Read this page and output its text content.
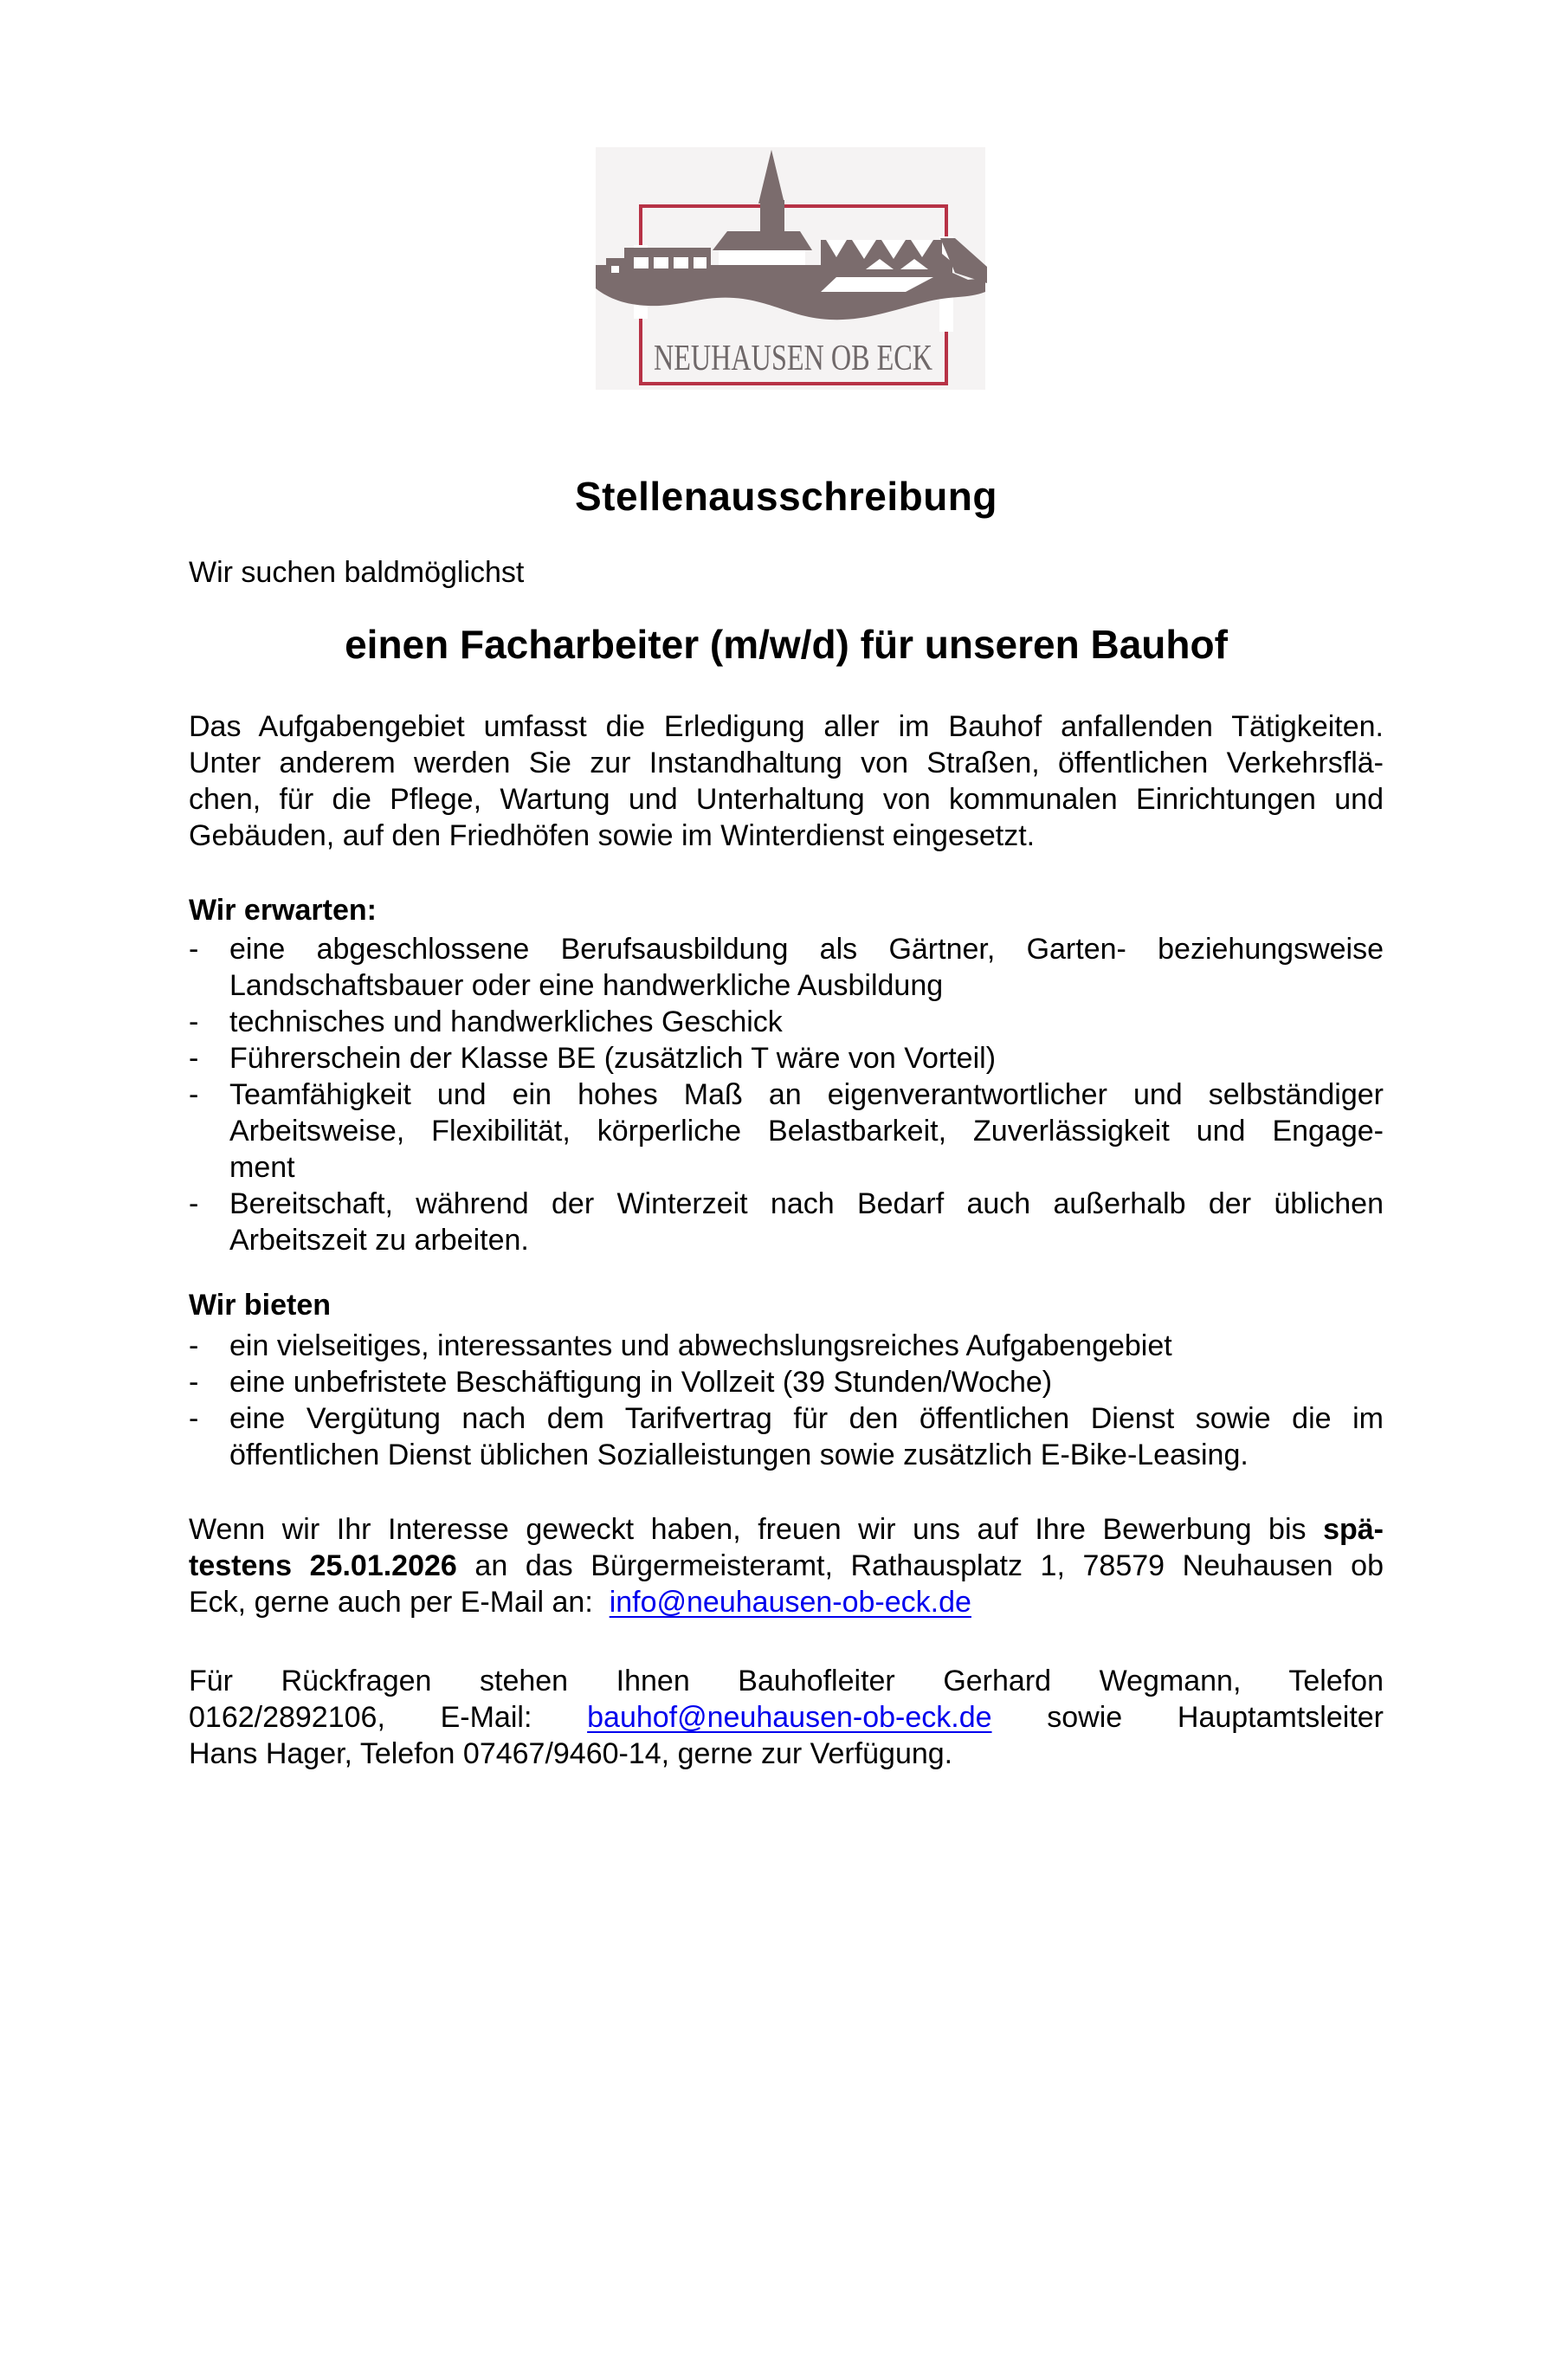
NEUHAUSEN OB ECK
Stellenausschreibung
Wir suchen baldmöglichst
einen Facharbeiter (m/w/d) für unseren Bauhof
Das Aufgabengebiet umfasst die Erledigung aller im Bauhof anfallenden Tätigkeiten.
Unter anderem werden Sie zur Instandhaltung von Straßen, öffentlichen Verkehrsflä-
chen, für die Pflege, Wartung und Unterhaltung von kommunalen Einrichtungen und
Gebäuden, auf den Friedhöfen sowie im Winterdienst eingesetzt.
Wir erwarten:
-	eine abgeschlossene Berufsausbildung als Gärtner, Garten- beziehungsweise
Landschaftsbauer oder eine handwerkliche Ausbildung
-	technisches und handwerkliches Geschick
-	Führerschein der Klasse BE (zusätzlich T wäre von Vorteil)
-	Teamfähigkeit und ein hohes Maß an eigenverantwortlicher und selbständiger
Arbeitsweise, Flexibilität, körperliche Belastbarkeit, Zuverlässigkeit und Engage-
ment
-	Bereitschaft, während der Winterzeit nach Bedarf auch außerhalb der üblichen
Arbeitszeit zu arbeiten.
Wir bieten
-	ein vielseitiges, interessantes und abwechslungsreiches Aufgabengebiet
-	eine unbefristete Beschäftigung in Vollzeit (39 Stunden/Woche)
-	eine Vergütung nach dem Tarifvertrag für den öffentlichen Dienst sowie die im
öffentlichen Dienst üblichen Sozialleistungen sowie zusätzlich E-Bike-Leasing.
Wenn wir Ihr Interesse geweckt haben, freuen wir uns auf Ihre Bewerbung bis spä-
testens 25.01.2026 an das Bürgermeisteramt, Rathausplatz 1, 78579 Neuhausen ob
Eck, gerne auch per E-Mail an:  info@neuhausen-ob-eck.de
Für Rückfragen stehen Ihnen Bauhofleiter Gerhard Wegmann, Telefon
0162/2892106, E-Mail: bauhof@neuhausen-ob-eck.de sowie Hauptamtsleiter
Hans Hager, Telefon 07467/9460-14, gerne zur Verfügung.
